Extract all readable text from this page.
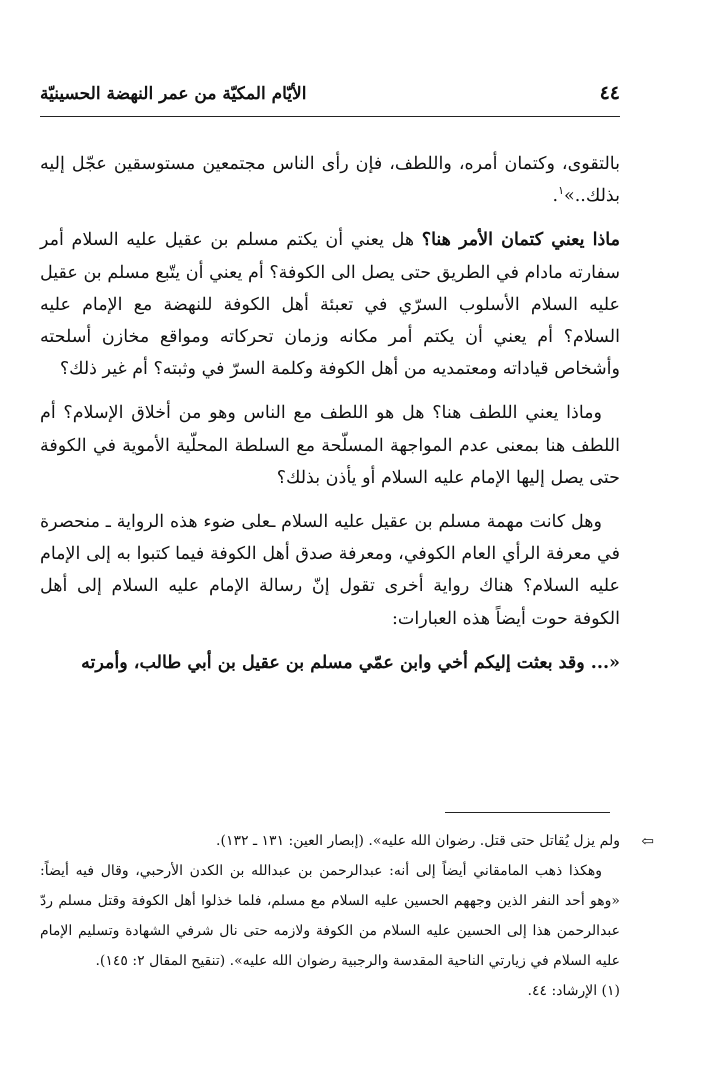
٤٤
الأيّام المكيّة من عمر النهضة الحسينيّة

بالتقوى، وكتمان أمره، واللطف، فإن رأى الناس مجتمعين مستوسقين عجّل إليه بذلك..»$^١$.

ماذا يعني كتمان الأمر هنا؟ هل يعني أن يكتم مسلم بن عقيل عليه السلام أمر سفارته مادام في الطريق حتى يصل الى الكوفة؟ أم يعني أن يتّبع مسلم بن عقيل عليه السلام الأسلوب السرّي في تعبئة أهل الكوفة للنهضة مع الإمام عليه السلام؟ أم يعني أن يكتم أمر مكانه وزمان تحركاته ومواقع مخازن أسلحته وأشخاص قياداته ومعتمديه من أهل الكوفة وكلمة السرّ في وثبته؟ أم غير ذلك؟

وماذا يعني اللطف هنا؟ هل هو اللطف مع الناس وهو من أخلاق الإسلام؟ أم اللطف هنا بمعنى عدم المواجهة المسلّحة مع السلطة المحلّية الأموية في الكوفة حتى يصل إليها الإمام عليه السلام أو يأذن بذلك؟

وهل كانت مهمة مسلم بن عقيل عليه السلام ـعلى ضوء هذه الرواية ـ منحصرة في معرفة الرأي العام الكوفي، ومعرفة صدق أهل الكوفة فيما كتبوا به إلى الإمام عليه السلام؟ هناك رواية أخرى تقول إنّ رسالة الإمام عليه السلام إلى أهل الكوفة حوت أيضاً هذه العبارات:

«... وقد بعثت إليكم أخي وابن عمّي مسلم بن عقيل بن أبي طالب، وأمرته

⇦
ولم يزل يُقاتل حتى قتل. رضوان الله عليه». (إبصار العين: ١٣١ ـ ١٣٢).

وهكذا ذهب المامقاني أيضاً إلى أنه: عبدالرحمن بن عبدالله بن الكدن الأرحبي، وقال فيه أيضاً: «وهو أحد النفر الذين وجههم الحسين عليه السلام مع مسلم، فلما خذلوا أهل الكوفة وقتل مسلم ردّ عبدالرحمن هذا إلى الحسين عليه السلام من الكوفة ولازمه حتى نال شرفي الشهادة وتسليم الإمام عليه السلام في زيارتي الناحية المقدسة والرجبية رضوان الله عليه». (تنقيح المقال ٢: ١٤٥).

(١) الإرشاد: ٤٤.
